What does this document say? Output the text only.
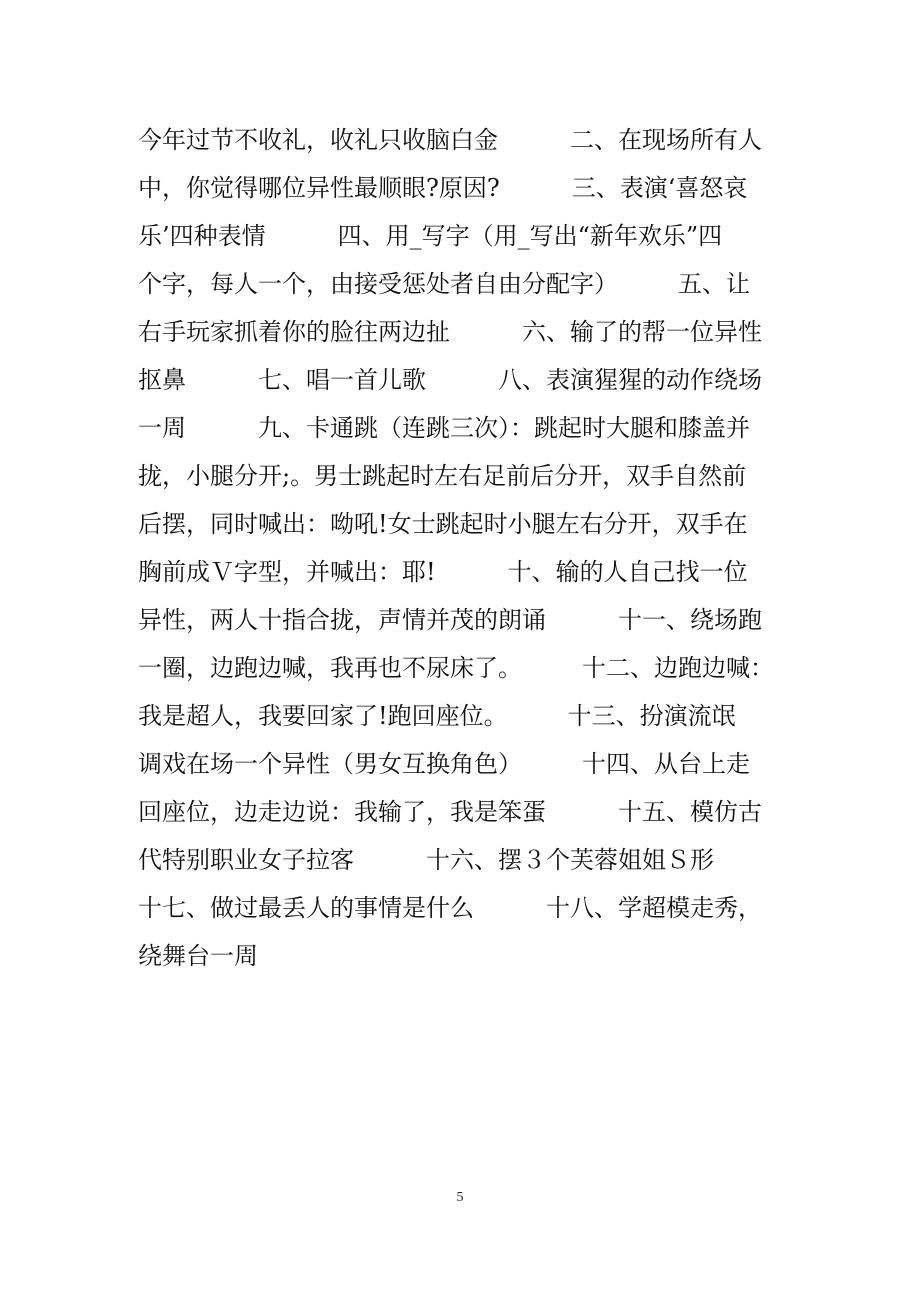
今年过节不收礼，收礼只收脑白金　　　二、在现场所有人
中，你觉得哪位异性最顺眼?原因?　　　三、表演‘喜怒哀
乐’四种表情　　　四、用_写字（用_写出“新年欢乐”四
个字，每人一个，由接受惩处者自由分配字）　　　五、让
右手玩家抓着你的脸往两边扯　　　六、输了的帮一位异性
抠鼻　　　七、唱一首儿歌　　　八、表演猩猩的动作绕场
一周　　　九、卡通跳（连跳三次）：跳起时大腿和膝盖并
拢，小腿分开;。男士跳起时左右足前后分开，双手自然前
后摆，同时喊出：呦吼!女士跳起时小腿左右分开，双手在
胸前成Ｖ字型，并喊出：耶!　　　十、输的人自己找一位
异性，两人十指合拢，声情并茂的朗诵　　　十一、绕场跑
一圈，边跑边喊，我再也不尿床了。　　　十二、边跑边喊：
我是超人，我要回家了!跑回座位。　　　十三、扮演流氓
调戏在场一个异性（男女互换角色）　　　十四、从台上走
回座位，边走边说：我输了，我是笨蛋　　　十五、模仿古
代特别职业女子拉客　　　十六、摆３个芙蓉姐姐Ｓ形
十七、做过最丢人的事情是什么　　　十八、学超模走秀，
绕舞台一周
5
